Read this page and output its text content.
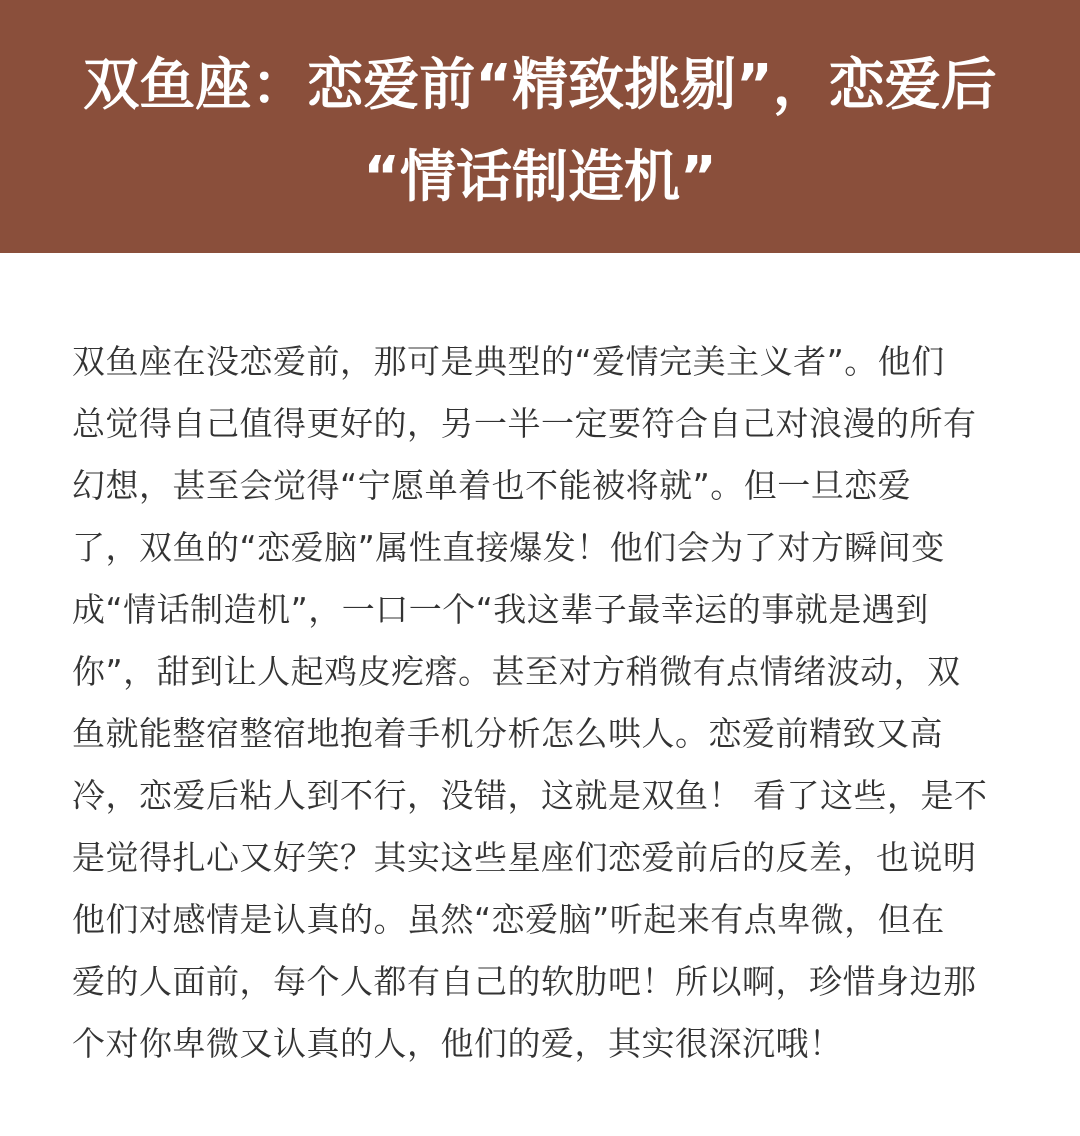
双鱼座：恋爱前“精致挑剔”，恋爱后
“情话制造机”
双鱼座在没恋爱前，那可是典型的“爱情完美主义者”。他们
总觉得自己值得更好的，另一半一定要符合自己对浪漫的所有
幻想，甚至会觉得“宁愿单着也不能被将就”。但一旦恋爱
了，双鱼的“恋爱脑”属性直接爆发！他们会为了对方瞬间变
成“情话制造机”，一口一个“我这辈子最幸运的事就是遇到
你”，甜到让人起鸡皮疙瘩。甚至对方稍微有点情绪波动，双
鱼就能整宿整宿地抱着手机分析怎么哄人。恋爱前精致又高
冷，恋爱后粘人到不行，没错，这就是双鱼！ 看了这些，是不
是觉得扎心又好笑？其实这些星座们恋爱前后的反差，也说明
他们对感情是认真的。虽然“恋爱脑”听起来有点卑微，但在
爱的人面前，每个人都有自己的软肋吧！所以啊，珍惜身边那
个对你卑微又认真的人，他们的爱，其实很深沉哦！
